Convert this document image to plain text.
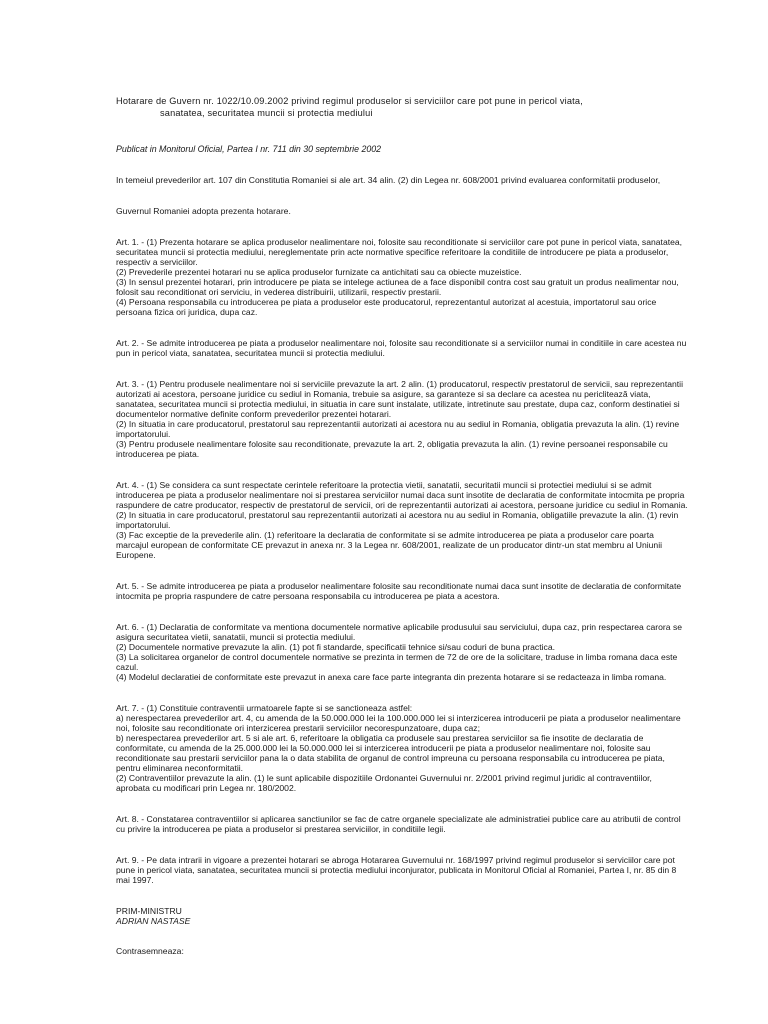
Hotarare de Guvern nr. 1022/10.09.2002 privind regimul produselor si serviciilor care pot pune in pericol viata,

sanatatea, securitatea muncii si protectia mediului

Publicat in Monitorul Oficial, Partea I nr. 711 din 30 septembrie 2002

In temeiul prevederilor art. 107 din Constitutia Romaniei si ale art. 34 alin. (2) din Legea nr. 608/2001 privind evaluarea conformitatii produselor,

Guvernul Romaniei adopta prezenta hotarare.

Art. 1. - (1) Prezenta hotarare se aplica produselor nealimentare noi, folosite sau reconditionate si serviciilor care pot pune in pericol viata, sanatatea, securitatea muncii si protectia mediului, nereglementate prin acte normative specifice referitoare la conditiile de introducere pe piata a produselor, respectiv a serviciilor.

(2) Prevederile prezentei hotarari nu se aplica produselor furnizate ca antichitati sau ca obiecte muzeistice.

(3) In sensul prezentei hotarari, prin introducere pe piata se intelege actiunea de a face disponibil contra cost sau gratuit un produs nealimentar nou, folosit sau reconditionat ori serviciu, in vederea distribuirii, utilizarii, respectiv prestarii.

(4) Persoana responsabila cu introducerea pe piata a produselor este producatorul, reprezentantul autorizat al acestuia, importatorul sau orice persoana fizica ori juridica, dupa caz.

Art. 2. - Se admite introducerea pe piata a produselor nealimentare noi, folosite sau reconditionate si a serviciilor numai in conditiile in care acestea nu pun in pericol viata, sanatatea, securitatea muncii si protectia mediului.

Art. 3. - (1) Pentru produsele nealimentare noi si serviciile prevazute la art. 2 alin. (1) producatorul, respectiv prestatorul de servicii, sau reprezentantii autorizati ai acestora, persoane juridice cu sediul in Romania, trebuie sa asigure, sa garanteze si sa declare ca acestea nu periclitează viata, sanatatea, securitatea muncii si protectia mediului, in situatia in care sunt instalate, utilizate, intretinute sau prestate, dupa caz, conform destinatiei si documentelor normative definite conform prevederilor prezentei hotarari.

(2) In situatia in care producatorul, prestatorul sau reprezentantii autorizati ai acestora nu au sediul in Romania, obligatia prevazuta la alin. (1) revine importatorului.

(3) Pentru produsele nealimentare folosite sau reconditionate, prevazute la art. 2, obligatia prevazuta la alin. (1) revine persoanei responsabile cu introducerea pe piata.

Art. 4. - (1) Se considera ca sunt respectate cerintele referitoare la protectia vietii, sanatatii, securitatii muncii si protectiei mediului si se admit introducerea pe piata a produselor nealimentare noi si prestarea serviciilor numai daca sunt insotite de declaratia de conformitate intocmita pe propria raspundere de catre producator, respectiv de prestatorul de servicii, ori de reprezentantii autorizati ai acestora, persoane juridice cu sediul in Romania.

(2) In situatia in care producatorul, prestatorul sau reprezentantii autorizati ai acestora nu au sediul in Romania, obligatiile prevazute la alin. (1) revin importatorului.

(3) Fac exceptie de la prevederile alin. (1) referitoare la declaratia de conformitate si se admite introducerea pe piata a produselor care poarta marcajul european de conformitate CE prevazut in anexa nr. 3 la Legea nr. 608/2001, realizate de un producator dintr-un stat membru al Uniunii Europene.

Art. 5. - Se admite introducerea pe piata a produselor nealimentare folosite sau reconditionate numai daca sunt insotite de declaratia de conformitate intocmita pe propria raspundere de catre persoana responsabila cu introducerea pe piata a acestora.

Art. 6. - (1) Declaratia de conformitate va mentiona documentele normative aplicabile produsului sau serviciului, dupa caz, prin respectarea carora se asigura securitatea vietii, sanatatii, muncii si protectia mediului.

(2) Documentele normative prevazute la alin. (1) pot fi standarde, specificatii tehnice si/sau coduri de buna practica.

(3) La solicitarea organelor de control documentele normative se prezinta in termen de 72 de ore de la solicitare, traduse in limba romana daca este cazul.

(4) Modelul declaratiei de conformitate este prevazut in anexa care face parte integranta din prezenta hotarare si se redacteaza in limba romana.

Art. 7. - (1) Constituie contraventii urmatoarele fapte si se sanctioneaza astfel:

a) nerespectarea prevederilor art. 4, cu amenda de la 50.000.000 lei la 100.000.000 lei si interzicerea introducerii pe piata a produselor nealimentare noi, folosite sau reconditionate ori interzicerea prestarii serviciilor necorespunzatoare, dupa caz;

b) nerespectarea prevederilor art. 5 si ale art. 6, referitoare la obligatia ca produsele sau prestarea serviciilor sa fie insotite de declaratia de conformitate, cu amenda de la 25.000.000 lei la 50.000.000 lei si interzicerea introducerii pe piata a produselor nealimentare noi, folosite sau reconditionate sau prestarii serviciilor pana la o data stabilita de organul de control impreuna cu persoana responsabila cu introducerea pe piata, pentru eliminarea neconformitatii.

(2) Contraventiilor prevazute la alin. (1) le sunt aplicabile dispozitiile Ordonantei Guvernului nr. 2/2001 privind regimul juridic al contraventiilor, aprobata cu modificari prin Legea nr. 180/2002.

Art. 8. - Constatarea contraventiilor si aplicarea sanctiunilor se fac de catre organele specializate ale administratiei publice care au atributii de control cu privire la introducerea pe piata a produselor si prestarea serviciilor, in conditiile legii.

Art. 9. - Pe data intrarii in vigoare a prezentei hotarari se abroga Hotararea Guvernului nr. 168/1997 privind regimul produselor si serviciilor care pot pune in pericol viata, sanatatea, securitatea muncii si protectia mediului inconjurator, publicata in Monitorul Oficial al Romaniei, Partea I, nr. 85 din 8 mai 1997.

PRIM-MINISTRU

ADRIAN NASTASE

Contrasemneaza:
